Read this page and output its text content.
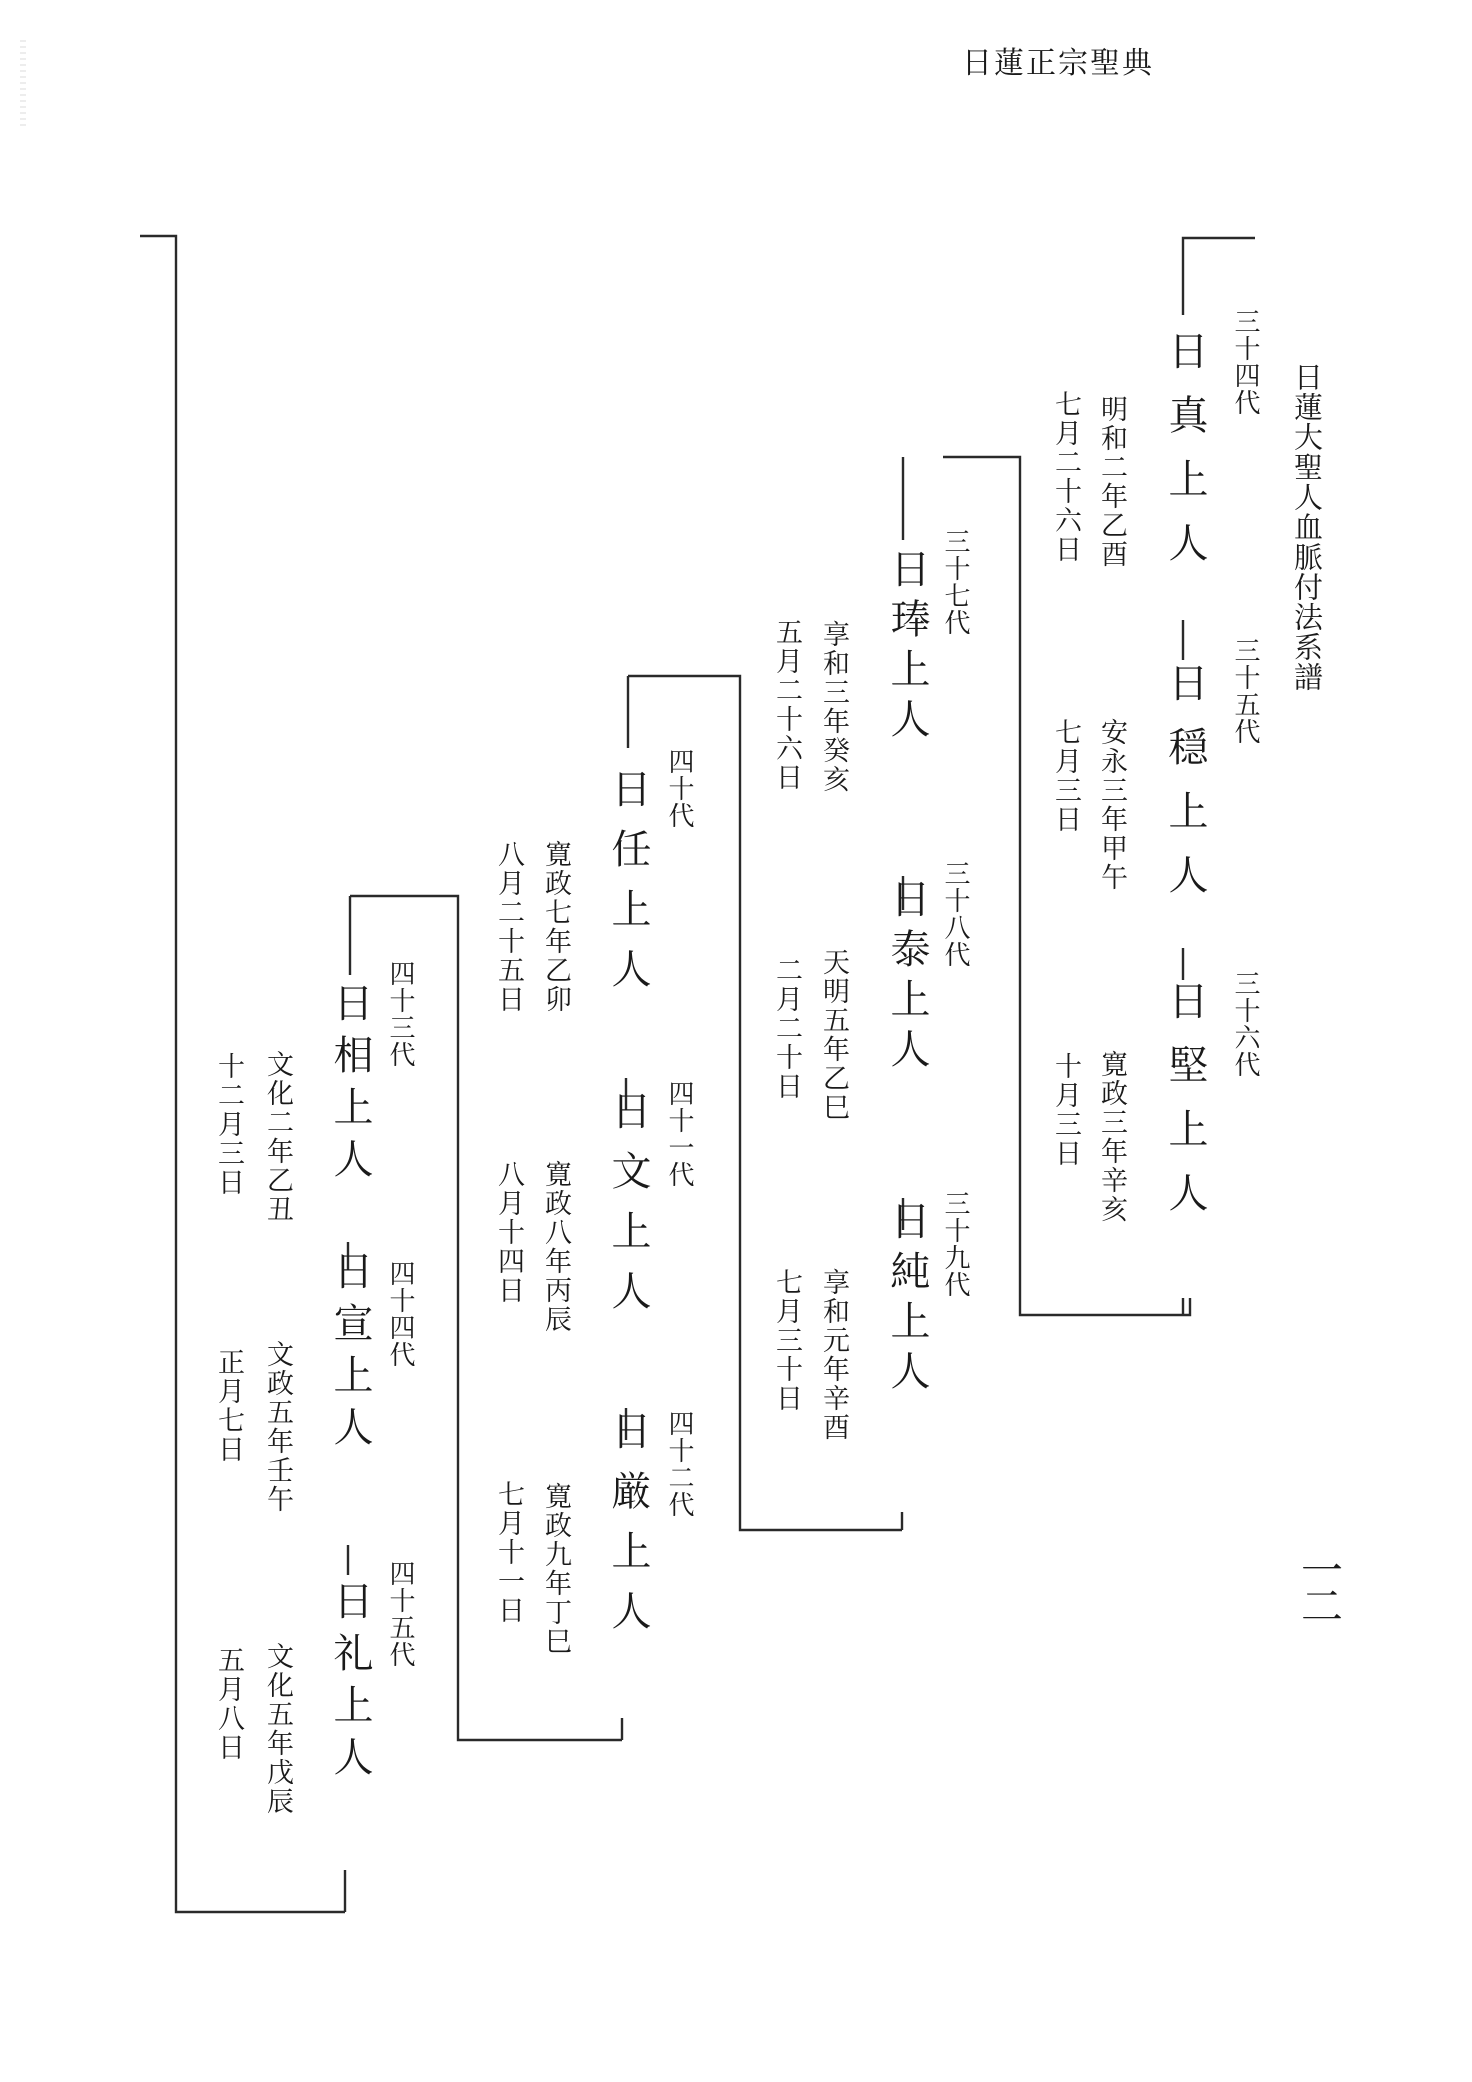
日蓮正宗聖典
日蓮大聖人血脈付法系譜
一二
三十四代
日真上人
明和二年乙酉
七月二十六日
三十五代
日穏上人
安永三年甲午
七月三日
三十六代
日堅上人
寛政三年辛亥
十月三日
三十七代
日琫上人
享和三年癸亥
五月二十六日
三十八代
日泰上人
天明五年乙巳
二月二十日
三十九代
日純上人
享和元年辛酉
七月三十日
四十代
日任上人
寛政七年乙卯
八月二十五日
四十一代
日文上人
寛政八年丙辰
八月十四日
四十二代
日厳上人
寛政九年丁巳
七月十一日
四十三代
日相上人
文化二年乙丑
十二月三日
四十四代
日宣上人
文政五年壬午
正月七日
四十五代
日礼上人
文化五年戊辰
五月八日
